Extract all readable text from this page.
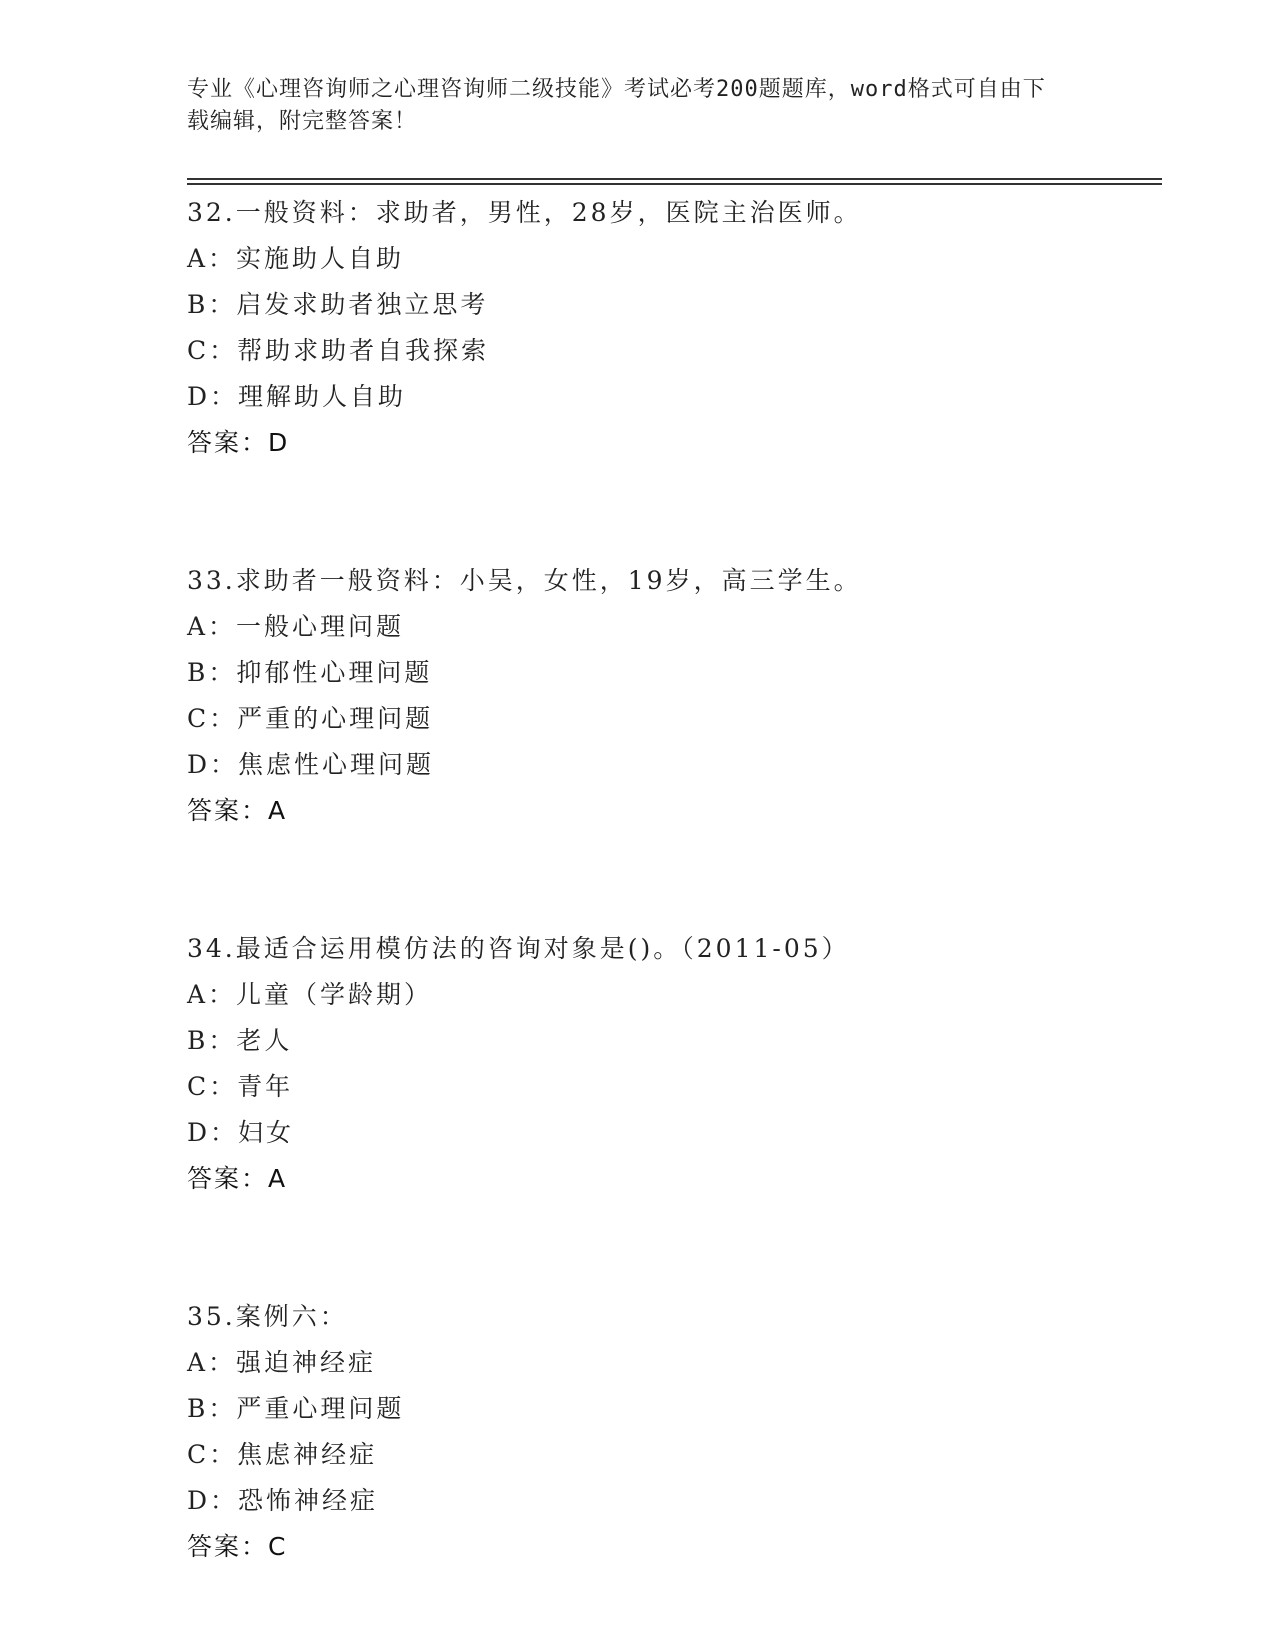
专业《心理咨询师之心理咨询师二级技能》考试必考200题题库，word格式可自由下载编辑，附完整答案！
32.一般资料：求助者，男性，28岁，医院主治医师。
A：实施助人自助
B：启发求助者独立思考
C：帮助求助者自我探索
D：理解助人自助
答案：D
33.求助者一般资料：小吴，女性，19岁，高三学生。
A：一般心理问题
B：抑郁性心理问题
C：严重的心理问题
D：焦虑性心理问题
答案：A
34.最适合运用模仿法的咨询对象是()。（2011-05）
A：儿童（学龄期）
B：老人
C：青年
D：妇女
答案：A
35.案例六：
A：强迫神经症
B：严重心理问题
C：焦虑神经症
D：恐怖神经症
答案：C
